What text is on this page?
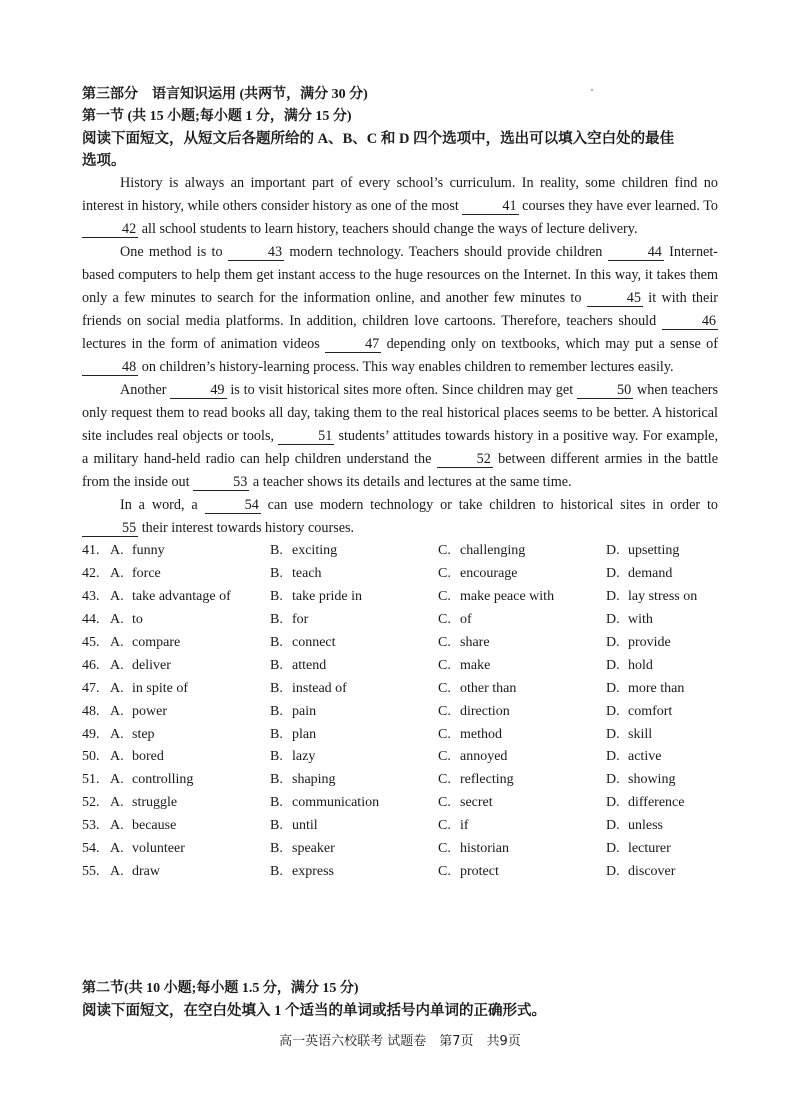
第三部分　语言知识运用 (共两节，满分 30 分)
第一节 (共 15 小题;每小题 1 分，满分 15 分)
阅读下面短文，从短文后各题所给的 A、B、C 和 D 四个选项中，选出可以填入空白处的最佳
选项。

History is always an important part of every school’s curriculum. In reality, some children find no interest in history, while others consider history as one of the most	41 courses they have ever learned. To 42 all school students to learn history, teachers should change the ways of lecture delivery.

One method is to	43 modern technology. Teachers should provide children	44 Internet-based computers to help them get instant access to the huge resources on the Internet. In this way, it takes them only a few minutes to search for the information online, and another few minutes to	45 it with their friends on social media platforms. In addition, children love cartoons. Therefore, teachers should	46 lectures in the form of animation videos	47 depending only on textbooks, which may put a sense of 48 on children’s history-learning process. This way enables children to remember lectures easily.

Another	49 is to visit historical sites more often. Since children may get	50 when teachers only request them to read books all day, taking them to the real historical places seems to be better. A historical site includes real objects or tools,	51 students’ attitudes towards history in a positive way. For example, a military hand-held radio can help children understand the	52 between different armies in the battle from the inside out	53 a teacher shows its details and lectures at the same time.

In a word, a	54 can use modern technology or take children to historical sites in order to 55 their interest towards history courses.

41. A. funny	B. exciting	C. challenging	D. upsetting
42. A. force	B. teach	C. encourage	D. demand
43. A. take advantage of	B. take pride in	C. make peace with	D. lay stress on
44. A. to	B. for	C. of	D. with
45. A. compare	B. connect	C. share	D. provide
46. A. deliver	B. attend	C. make	D. hold
47. A. in spite of	B. instead of	C. other than	D. more than
48. A. power	B. pain	C. direction	D. comfort
49. A. step	B. plan	C. method	D. skill
50. A. bored	B. lazy	C. annoyed	D. active
51. A. controlling	B. shaping	C. reflecting	D. showing
52. A. struggle	B. communication	C. secret	D. difference
53. A. because	B. until	C. if	D. unless
54. A. volunteer	B. speaker	C. historian	D. lecturer
55. A. draw	B. express	C. protect	D. discover
第二节(共 10 小题;每小题 1.5 分，满分 15 分)
阅读下面短文，在空白处填入 1 个适当的单词或括号内单词的正确形式。
高一英语六校联考 试题卷　第7页　共9页
